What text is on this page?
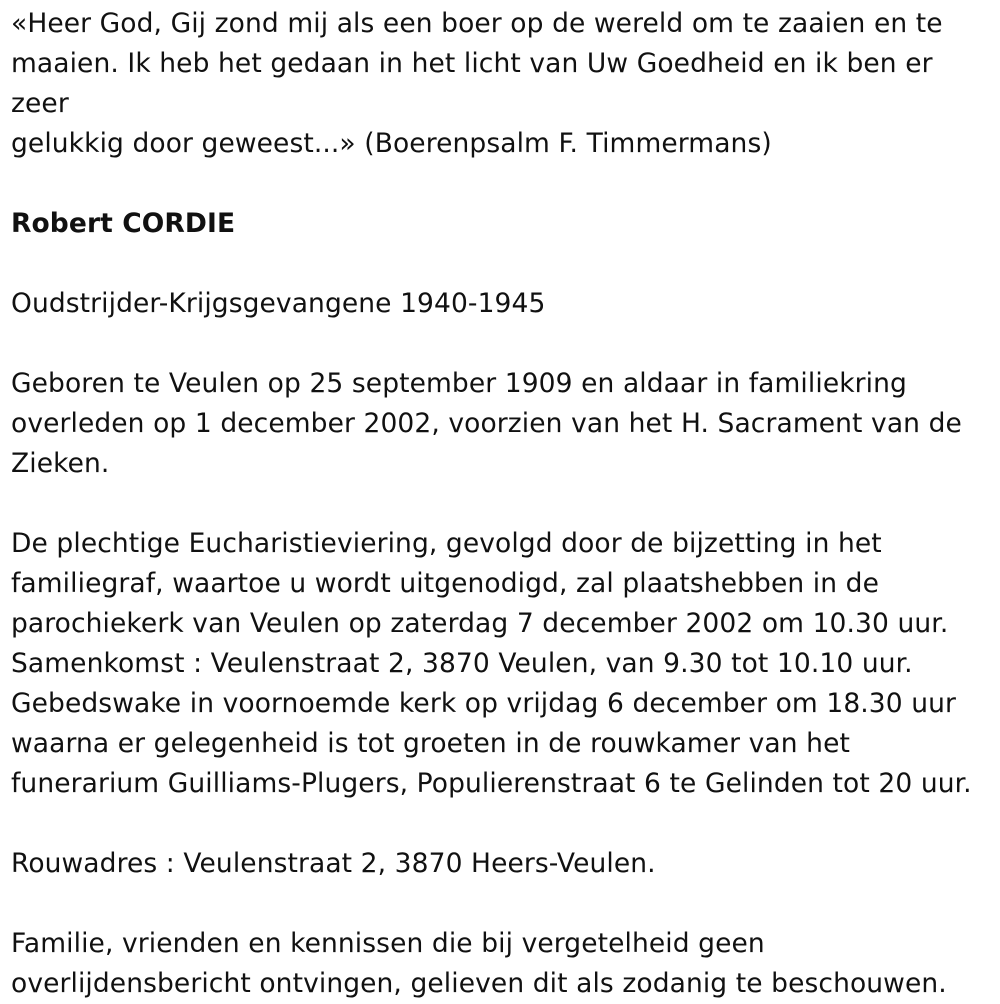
«Heer God, Gij zond mij als een boer op de wereld om te zaaien en te
maaien. Ik heb het gedaan in het licht van Uw Goedheid en ik ben er zeer
gelukkig door geweest...» (Boerenpsalm F. Timmermans)

Robert CORDIE

Oudstrijder-Krijgsgevangene 1940-1945

Geboren te Veulen op 25 september 1909 en aldaar in familiekring
overleden op 1 december 2002, voorzien van het H. Sacrament van de
Zieken.

De plechtige Eucharistieviering, gevolgd door de bijzetting in het
familiegraf, waartoe u wordt uitgenodigd, zal plaatshebben in de
parochiekerk van Veulen op zaterdag 7 december 2002 om 10.30 uur.
Samenkomst : Veulenstraat 2, 3870 Veulen, van 9.30 tot 10.10 uur.
Gebedswake in voornoemde kerk op vrijdag 6 december om 18.30 uur
waarna er gelegenheid is tot groeten in de rouwkamer van het
funerarium Guilliams-Plugers, Populierenstraat 6 te Gelinden tot 20 uur.

Rouwadres : Veulenstraat 2, 3870 Heers-Veulen.

Familie, vrienden en kennissen die bij vergetelheid geen
overlijdensbericht ontvingen, gelieven dit als zodanig te beschouwen.
